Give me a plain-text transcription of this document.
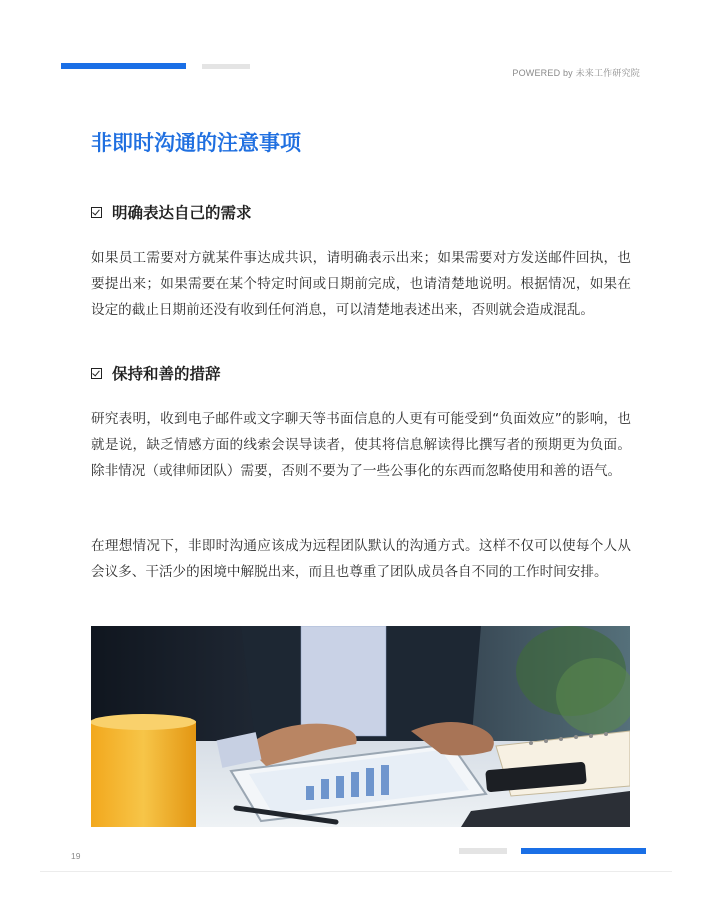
POWERED by 未来工作研究院
非即时沟通的注意事项
明确表达自己的需求

如果员工需要对方就某件事达成共识，请明确表示出来；如果需要对方发送邮件回执，也要提出来；如果需要在某个特定时间或日期前完成，也请清楚地说明。根据情况，如果在设定的截止日期前还没有收到任何消息，可以清楚地表述出来，否则就会造成混乱。

保持和善的措辞

研究表明，收到电子邮件或文字聊天等书面信息的人更有可能受到“负面效应”的影响，也就是说，缺乏情感方面的线索会误导读者，使其将信息解读得比撰写者的预期更为负面。除非情况（或律师团队）需要，否则不要为了一些公事化的东西而忽略使用和善的语气。

在理想情况下，非即时沟通应该成为远程团队默认的沟通方式。这样不仅可以使每个人从会议多、干活少的困境中解脱出来，而且也尊重了团队成员各自不同的工作时间安排。

19
